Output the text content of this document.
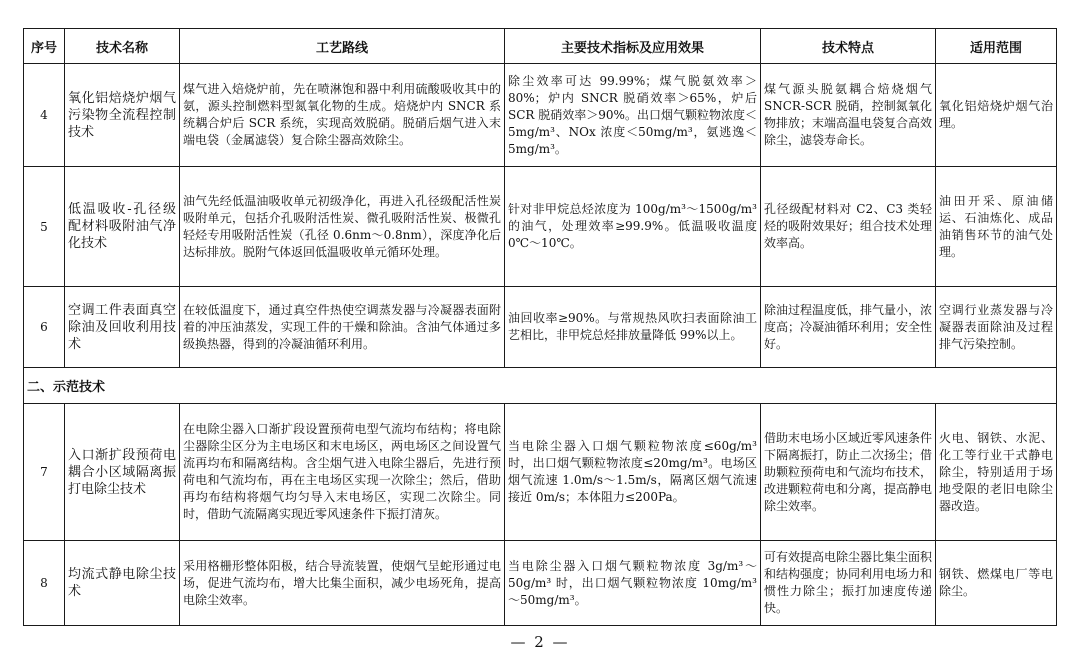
序号	技术名称	工艺路线	主要技术指标及应用效果	技术特点	适用范围
4	氧化铝焙烧炉烟气污染物全流程控制技术	煤气进入焙烧炉前，先在喷淋饱和器中利用硫酸吸收其中的氨，源头控制燃料型氮氧化物的生成。焙烧炉内 SNCR 系统耦合炉后 SCR 系统，实现高效脱硝。脱硝后烟气进入末端电袋（金属滤袋）复合除尘器高效除尘。	除尘效率可达 99.99%；煤气脱氨效率＞80%；炉内 SNCR 脱硝效率＞65%，炉后 SCR 脱硝效率＞90%。出口烟气颗粒物浓度＜5mg/m³、NOx 浓度＜50mg/m³，氨逃逸＜5mg/m³。	煤气源头脱氨耦合焙烧烟气 SNCR-SCR 脱硝，控制氮氧化物排放；末端高温电袋复合高效除尘，滤袋寿命长。	氧化铝焙烧炉烟气治理。
5	低温吸收-孔径级配材料吸附油气净化技术	油气先经低温油吸收单元初级净化，再进入孔径级配活性炭吸附单元，包括介孔吸附活性炭、微孔吸附活性炭、极微孔轻烃专用吸附活性炭（孔径 0.6nm～0.8nm），深度净化后达标排放。脱附气体返回低温吸收单元循环处理。	针对非甲烷总烃浓度为 100g/m³～1500g/m³ 的油气，处理效率≥99.9%。低温吸收温度 0℃～10℃。	孔径级配材料对 C2、C3 类轻烃的吸附效果好；组合技术处理效率高。	油田开采、原油储运、石油炼化、成品油销售环节的油气处理。
6	空调工件表面真空除油及回收利用技术	在较低温度下，通过真空件热使空调蒸发器与冷凝器表面附着的冲压油蒸发，实现工件的干燥和除油。含油气体通过多级换热器，得到的冷凝油循环利用。	油回收率≥90%。与常规热风吹扫表面除油工艺相比，非甲烷总烃排放量降低 99%以上。	除油过程温度低，排气量小，浓度高；冷凝油循环利用；安全性好。	空调行业蒸发器与冷凝器表面除油及过程排气污染控制。
二、示范技术					
7	入口渐扩段预荷电耦合小区域隔离振打电除尘技术	在电除尘器入口渐扩段设置预荷电型气流均布结构；将电除尘器除尘区分为主电场区和末电场区，两电场区之间设置气流再均布和隔离结构。含尘烟气进入电除尘器后，先进行预荷电和气流均布，再在主电场区实现一次除尘；然后，借助再均布结构将烟气均匀导入末电场区，实现二次除尘。同时，借助气流隔离实现近零风速条件下振打清灰。	当电除尘器入口烟气颗粒物浓度≤60g/m³ 时，出口烟气颗粒物浓度≤20mg/m³。电场区烟气流速 1.0m/s～1.5m/s，隔离区烟气流速接近 0m/s；本体阻力≤200Pa。	借助末电场小区域近零风速条件下隔离振打，防止二次扬尘；借助颗粒预荷电和气流均布技术，改进颗粒荷电和分离，提高静电除尘效率。	火电、钢铁、水泥、化工等行业干式静电除尘，特别适用于场地受限的老旧电除尘器改造。
8	均流式静电除尘技术	采用格栅形整体阳极，结合导流装置，使烟气呈蛇形通过电场，促进气流均布，增大比集尘面积，减少电场死角，提高电除尘效率。	当电除尘器入口烟气颗粒物浓度 3g/m³～50g/m³ 时，出口烟气颗粒物浓度 10mg/m³～50mg/m³。	可有效提高电除尘器比集尘面积和结构强度；协同利用电场力和惯性力除尘；振打加速度传递快。	钢铁、燃煤电厂等电除尘。
— 2 —
